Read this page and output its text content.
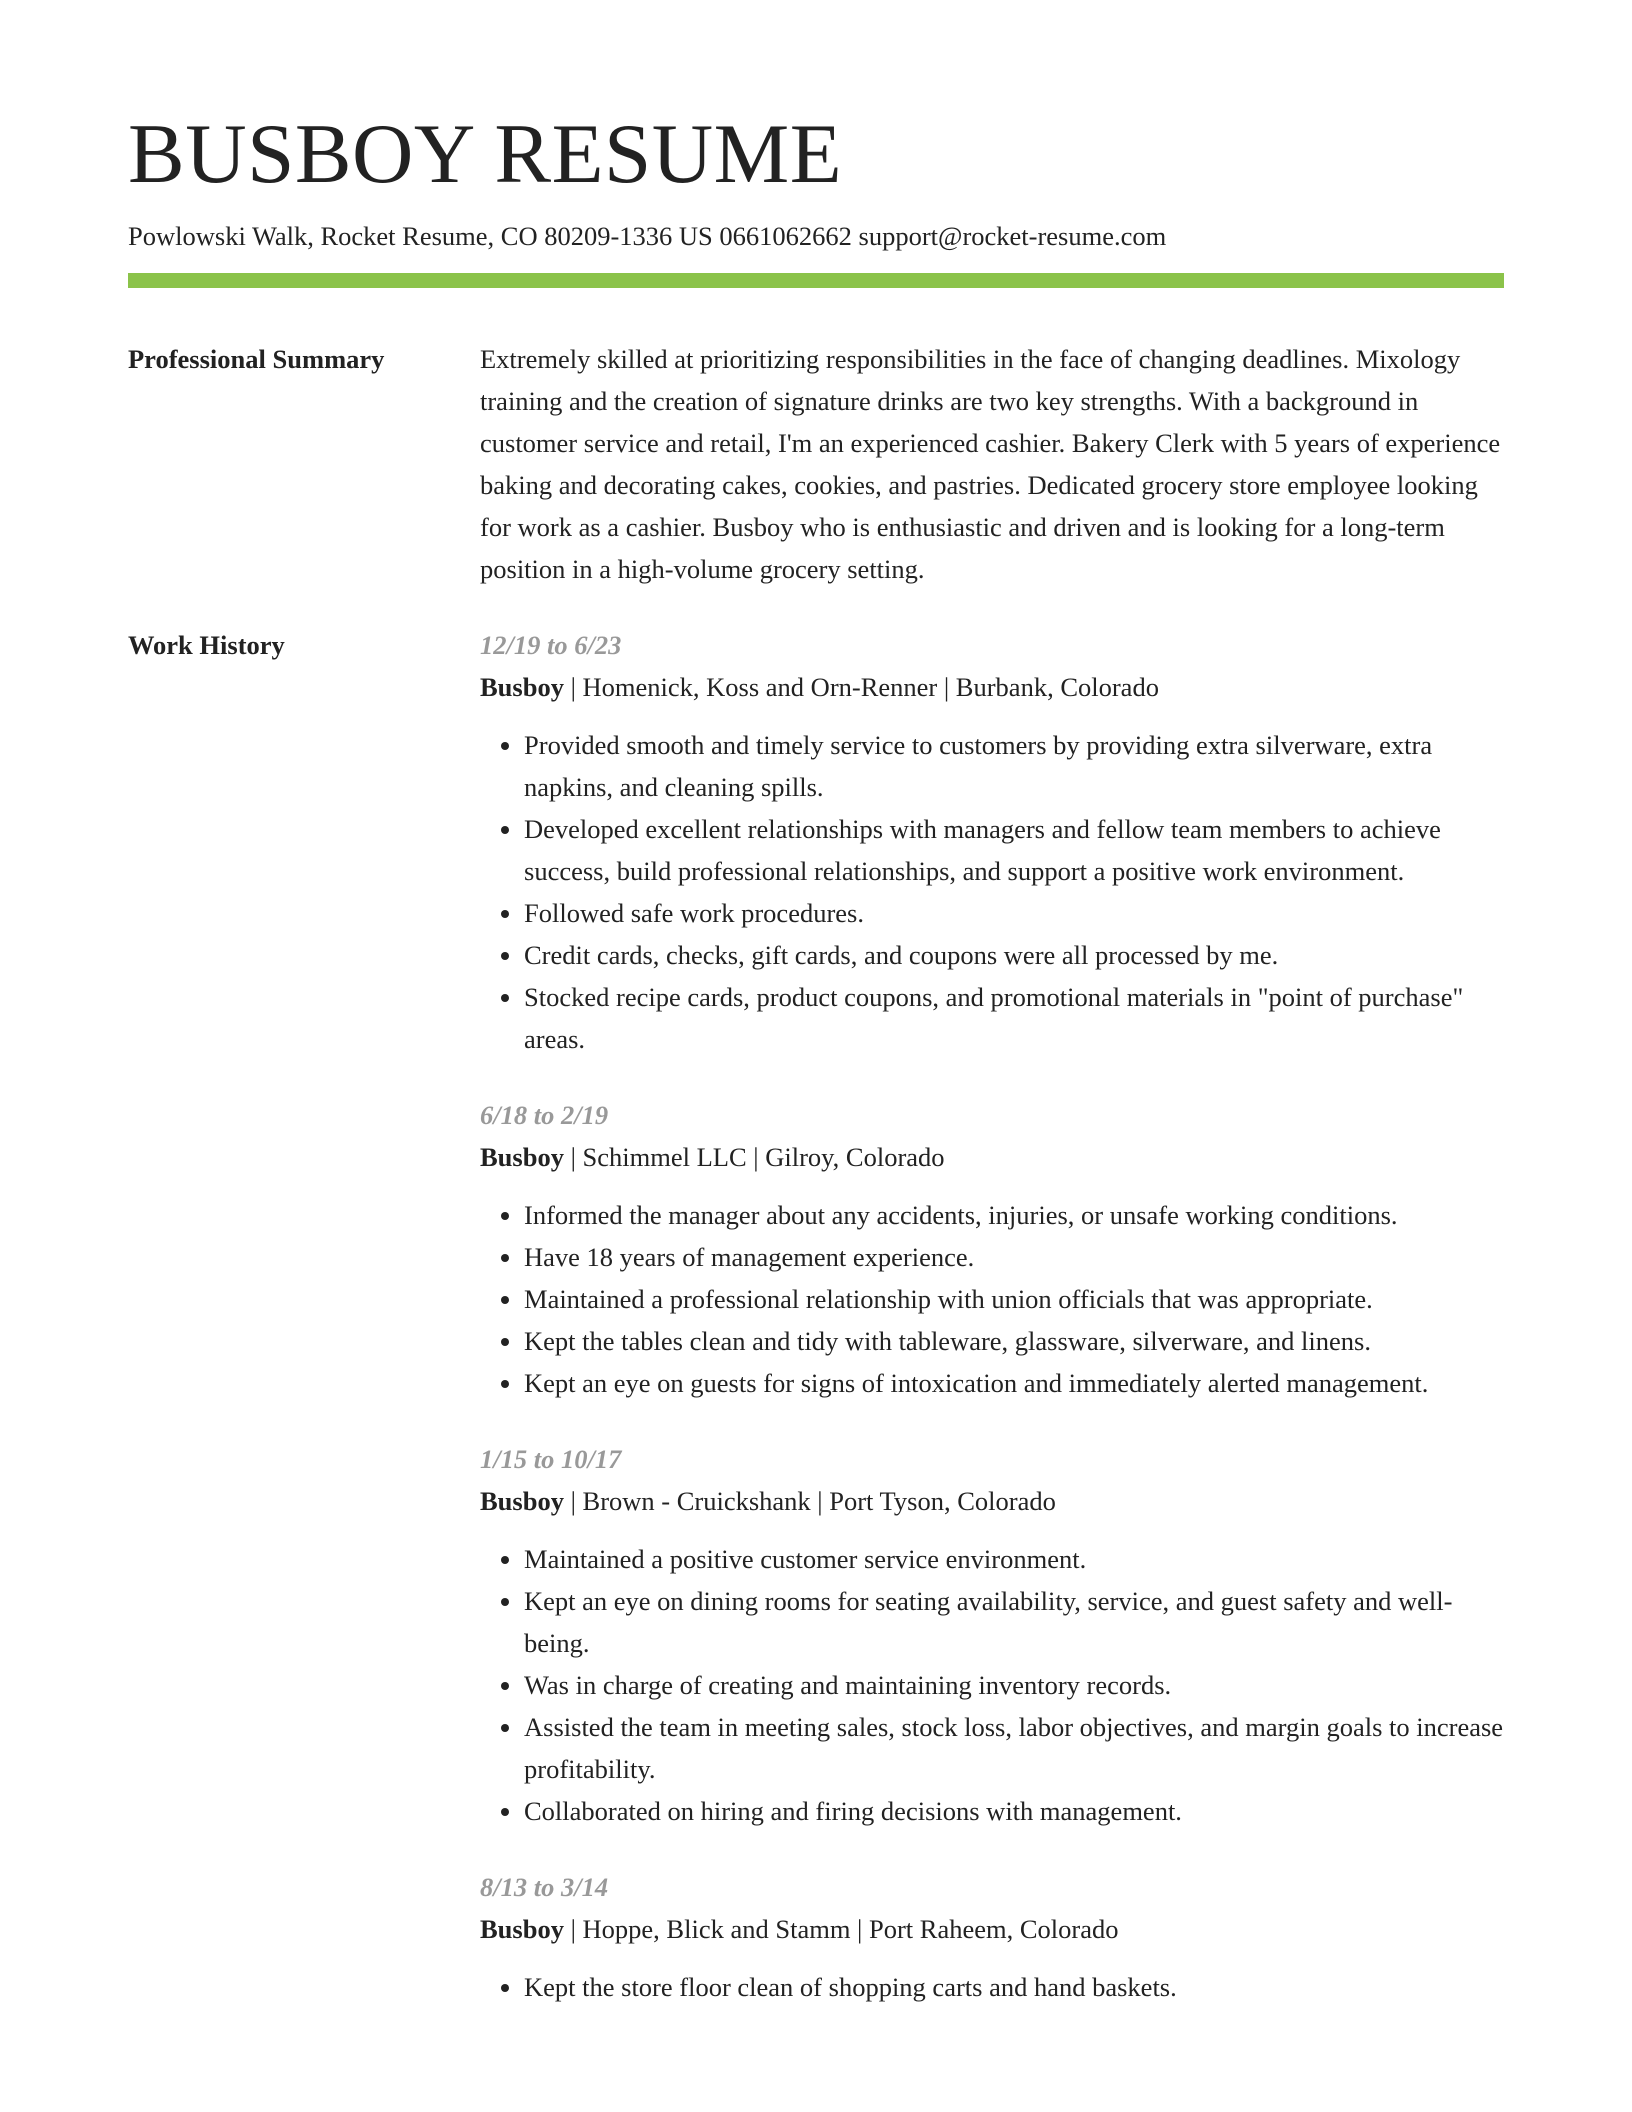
BUSBOY RESUME
Powlowski Walk, Rocket Resume, CO 80209-1336 US 0661062662 support@rocket-resume.com
Professional Summary	Extremely skilled at prioritizing responsibilities in the face of changing deadlines. Mixology training and the creation of signature drinks are two key strengths. With a background in customer service and retail, I'm an experienced cashier. Bakery Clerk with 5 years of experience baking and decorating cakes, cookies, and pastries. Dedicated grocery store employee looking for work as a cashier. Busboy who is enthusiastic and driven and is looking for a long-term position in a high-volume grocery setting.

Work History	12/19 to 6/23
Busboy | Homenick, Koss and Orn-Renner | Burbank, Colorado
• Provided smooth and timely service to customers by providing extra silverware, extra napkins, and cleaning spills.
• Developed excellent relationships with managers and fellow team members to achieve success, build professional relationships, and support a positive work environment.
• Followed safe work procedures.
• Credit cards, checks, gift cards, and coupons were all processed by me.
• Stocked recipe cards, product coupons, and promotional materials in "point of purchase" areas.
6/18 to 2/19
Busboy | Schimmel LLC | Gilroy, Colorado
• Informed the manager about any accidents, injuries, or unsafe working conditions.
• Have 18 years of management experience.
• Maintained a professional relationship with union officials that was appropriate.
• Kept the tables clean and tidy with tableware, glassware, silverware, and linens.
• Kept an eye on guests for signs of intoxication and immediately alerted management.
1/15 to 10/17
Busboy | Brown - Cruickshank | Port Tyson, Colorado
• Maintained a positive customer service environment.
• Kept an eye on dining rooms for seating availability, service, and guest safety and well-being.
• Was in charge of creating and maintaining inventory records.
• Assisted the team in meeting sales, stock loss, labor objectives, and margin goals to increase profitability.
• Collaborated on hiring and firing decisions with management.
8/13 to 3/14
Busboy | Hoppe, Blick and Stamm | Port Raheem, Colorado
• Kept the store floor clean of shopping carts and hand baskets.
